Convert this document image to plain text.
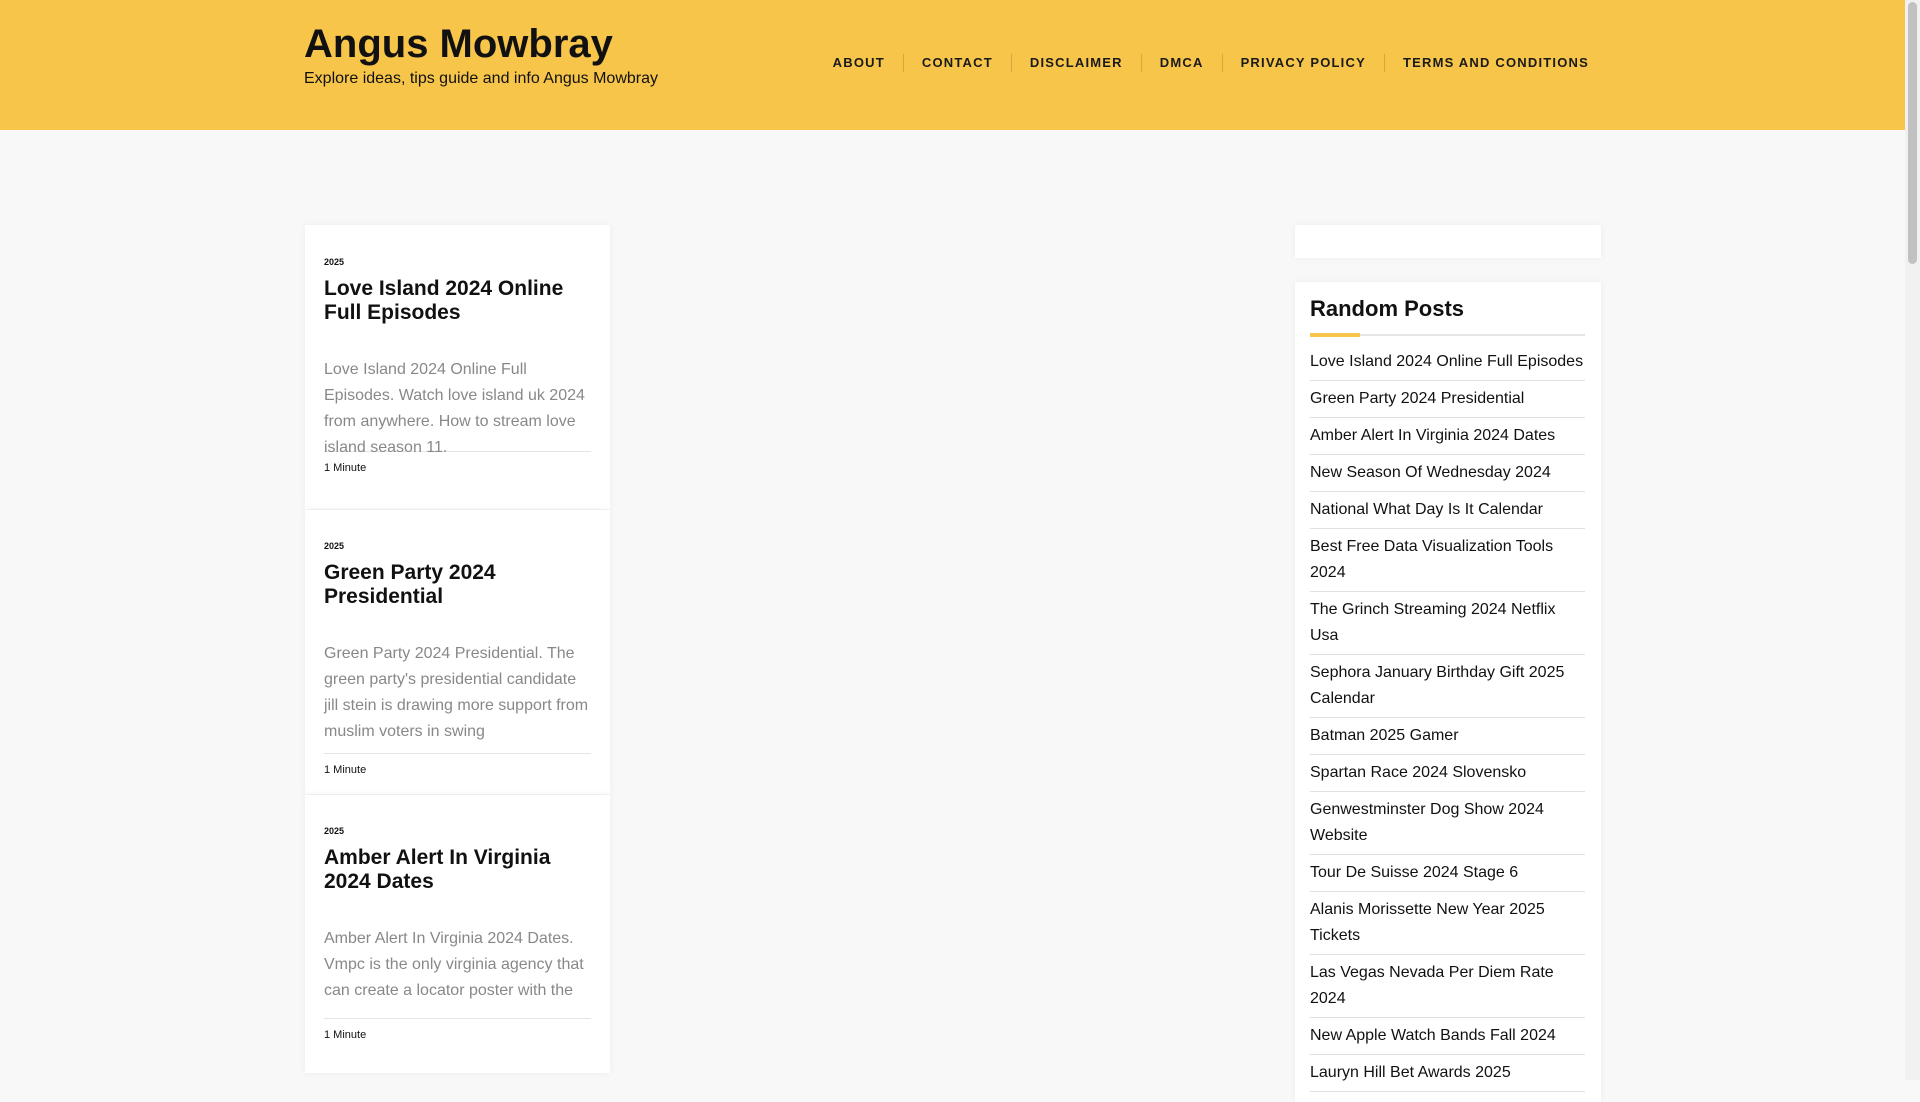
Angus Mowbray
Explore ideas, tips guide and info Angus Mowbray
ABOUT	CONTACT	DISCLAIMER	DMCA	PRIVACY POLICY	TERMS AND CONDITIONS
2025
Love Island 2024 Online Full Episodes

Love Island 2024 Online Full Episodes. Watch love island uk 2024 from anywhere. How to stream love island season 11.

1 Minute
2025
Green Party 2024 Presidential

Green Party 2024 Presidential. The green party's presidential candidate jill stein is drawing more support from muslim voters in swing

1 Minute
2025
Amber Alert In Virginia 2024 Dates

Amber Alert In Virginia 2024 Dates. Vmpc is the only virginia agency that can create a locator poster with the

1 Minute
Random Posts
Love Island 2024 Online Full Episodes
Green Party 2024 Presidential
Amber Alert In Virginia 2024 Dates
New Season Of Wednesday 2024
National What Day Is It Calendar
Best Free Data Visualization Tools 2024
The Grinch Streaming 2024 Netflix Usa
Sephora January Birthday Gift 2025 Calendar
Batman 2025 Gamer
Spartan Race 2024 Slovensko
Genwestminster Dog Show 2024 Website
Tour De Suisse 2024 Stage 6
Alanis Morissette New Year 2025 Tickets
Las Vegas Nevada Per Diem Rate 2024
New Apple Watch Bands Fall 2024
Lauryn Hill Bet Awards 2025
